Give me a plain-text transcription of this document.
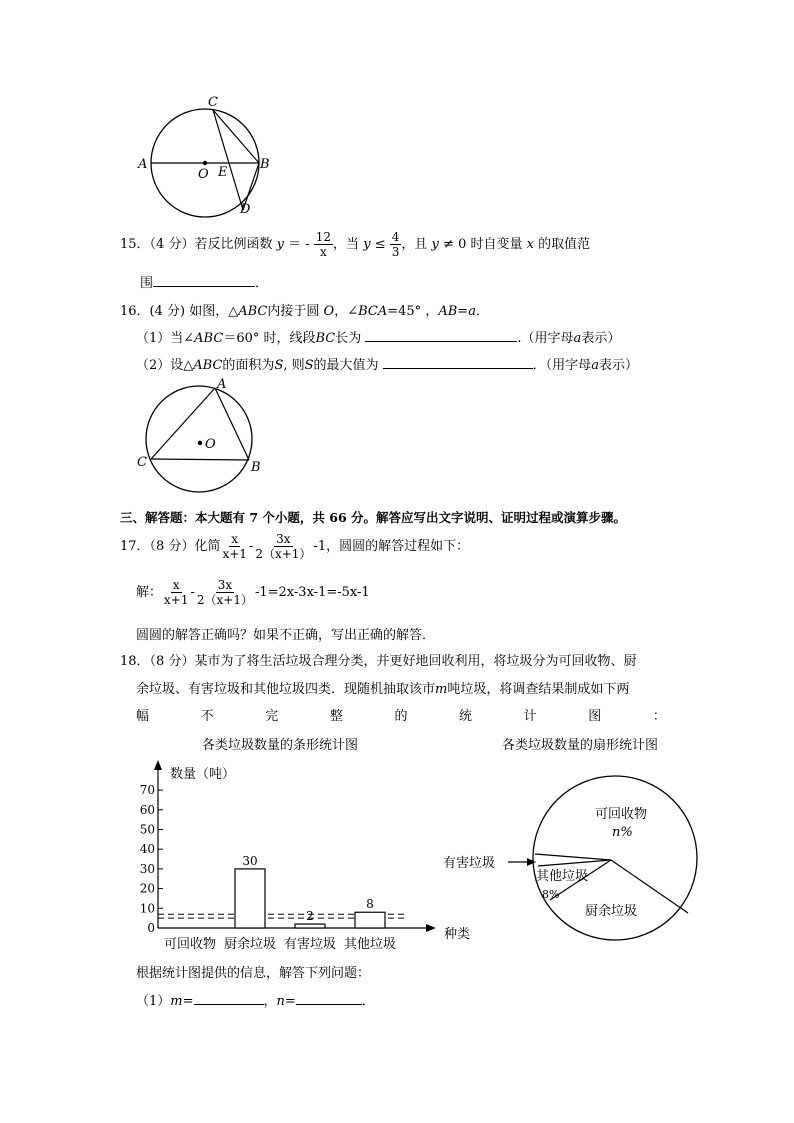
C
A
O E
B
D
15．（4 分）若反比例函数 y ＝ - $\frac{12}{x}$ ，当 $y \le \frac{4}{3}$ ，且 y ≠ 0 时自变量 x 的取值范
围	．
16．(4 分) 如图，△ABC内接于圆 O，∠BCA=45° ，AB=a．
（1）当∠ABC＝60° 时，线段BC长为	.（用字母a表示）
（2）设△ABC的面积为S, 则S的最大值为	．（用字母a表示）
A
O
C	B
三、解答题：本大题有 7 个小题，共 66 分。解答应写出文字说明、证明过程或演算步骤。
17．（8 分）化简 $\frac{x}{x+1} - \frac{3x}{2(x+1)} -1$，圆圆的解答过程如下：
解： $\frac{x}{x+1} - \frac{3x}{2(x+1)} -1=2x-3x-1=-5x-1$
圆圆的解答正确吗？如果不正确，写出正确的解答．
18．（8 分）某市为了将生活垃圾合理分类，并更好地回收利用，将垃圾分为可回收物、厨
余垃圾、有害垃圾和其他垃圾四类．现随机抽取该市m吨垃圾，将调查结果制成如下两
幅	不	完	整	的	统	计	图	：
各类垃圾数量的条形统计图	各类垃圾数量的扇形统计图
数量（吨）
种类
0
10
20
30
40
50
60
70
可回收物
30
厨余垃圾
2
有害垃圾
8
其他垃圾
可回收物
n%
厨余垃圾
其他垃圾
8%
有害垃圾
根据统计图提供的信息，解答下列问题：
（1）m=	，n=	．
